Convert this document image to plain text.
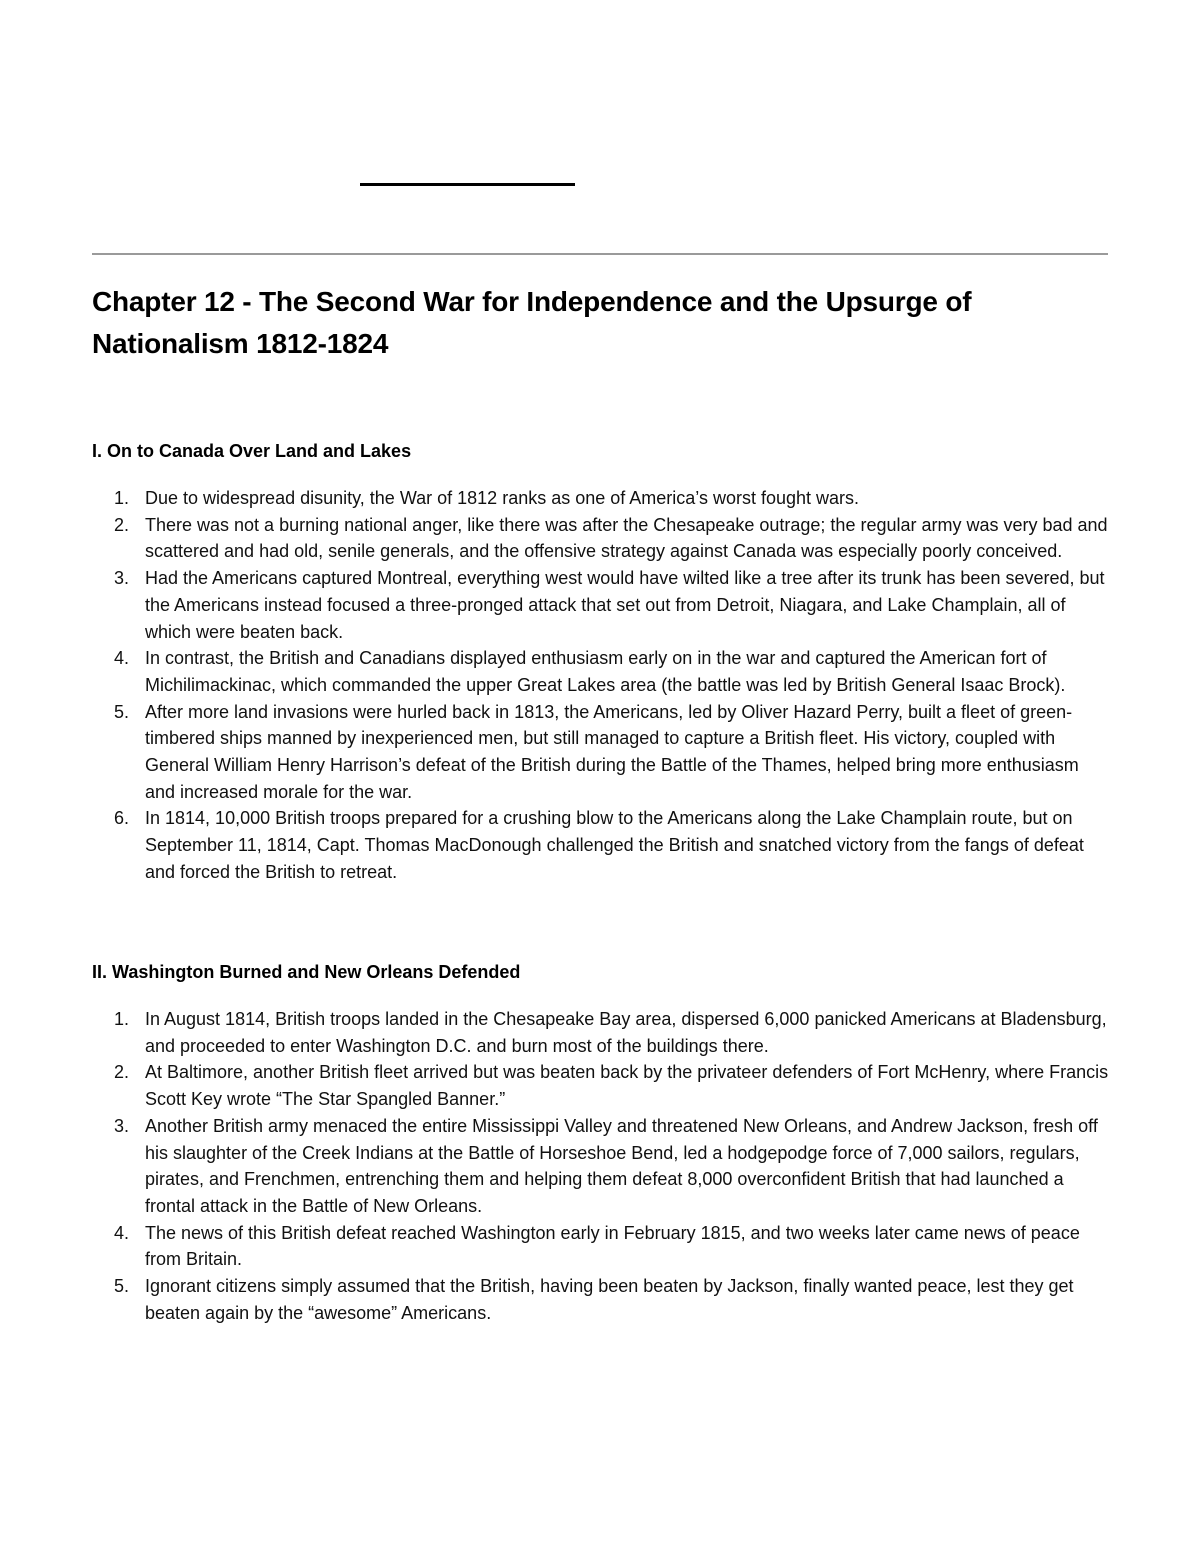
Chapter 12 - The Second War for Independence and the Upsurge of Nationalism 1812-1824
I. On to Canada Over Land and Lakes
1. Due to widespread disunity, the War of 1812 ranks as one of America’s worst fought wars.
2. There was not a burning national anger, like there was after the Chesapeake outrage; the regular army was very bad and scattered and had old, senile generals, and the offensive strategy against Canada was especially poorly conceived.
3. Had the Americans captured Montreal, everything west would have wilted like a tree after its trunk has been severed, but the Americans instead focused a three-pronged attack that set out from Detroit, Niagara, and Lake Champlain, all of which were beaten back.
4. In contrast, the British and Canadians displayed enthusiasm early on in the war and captured the American fort of Michilimackinac, which commanded the upper Great Lakes area (the battle was led by British General Isaac Brock).
5. After more land invasions were hurled back in 1813, the Americans, led by Oliver Hazard Perry, built a fleet of green-timbered ships manned by inexperienced men, but still managed to capture a British fleet. His victory, coupled with General William Henry Harrison’s defeat of the British during the Battle of the Thames, helped bring more enthusiasm and increased morale for the war.
6. In 1814, 10,000 British troops prepared for a crushing blow to the Americans along the Lake Champlain route, but on September 11, 1814, Capt. Thomas MacDonough challenged the British and snatched victory from the fangs of defeat and forced the British to retreat.
II. Washington Burned and New Orleans Defended
1. In August 1814, British troops landed in the Chesapeake Bay area, dispersed 6,000 panicked Americans at Bladensburg, and proceeded to enter Washington D.C. and burn most of the buildings there.
2. At Baltimore, another British fleet arrived but was beaten back by the privateer defenders of Fort McHenry, where Francis Scott Key wrote “The Star Spangled Banner.”
3. Another British army menaced the entire Mississippi Valley and threatened New Orleans, and Andrew Jackson, fresh off his slaughter of the Creek Indians at the Battle of Horseshoe Bend, led a hodgepodge force of 7,000 sailors, regulars, pirates, and Frenchmen, entrenching them and helping them defeat 8,000 overconfident British that had launched a frontal attack in the Battle of New Orleans.
4. The news of this British defeat reached Washington early in February 1815, and two weeks later came news of peace from Britain.
5. Ignorant citizens simply assumed that the British, having been beaten by Jackson, finally wanted peace, lest they get beaten again by the “awesome” Americans.
